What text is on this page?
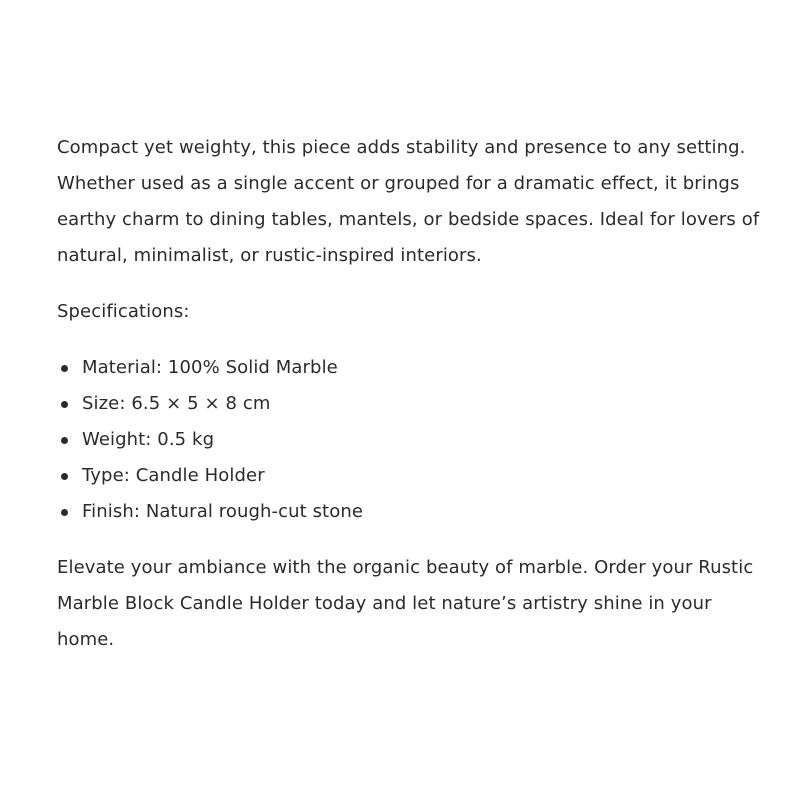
Compact yet weighty, this piece adds stability and presence to any setting. Whether used as a single accent or grouped for a dramatic effect, it brings earthy charm to dining tables, mantels, or bedside spaces. Ideal for lovers of natural, minimalist, or rustic-inspired interiors.

Specifications:

Material: 100% Solid Marble
Size: 6.5 × 5 × 8 cm
Weight: 0.5 kg
Type: Candle Holder
Finish: Natural rough-cut stone

Elevate your ambiance with the organic beauty of marble. Order your Rustic Marble Block Candle Holder today and let nature’s artistry shine in your home.
